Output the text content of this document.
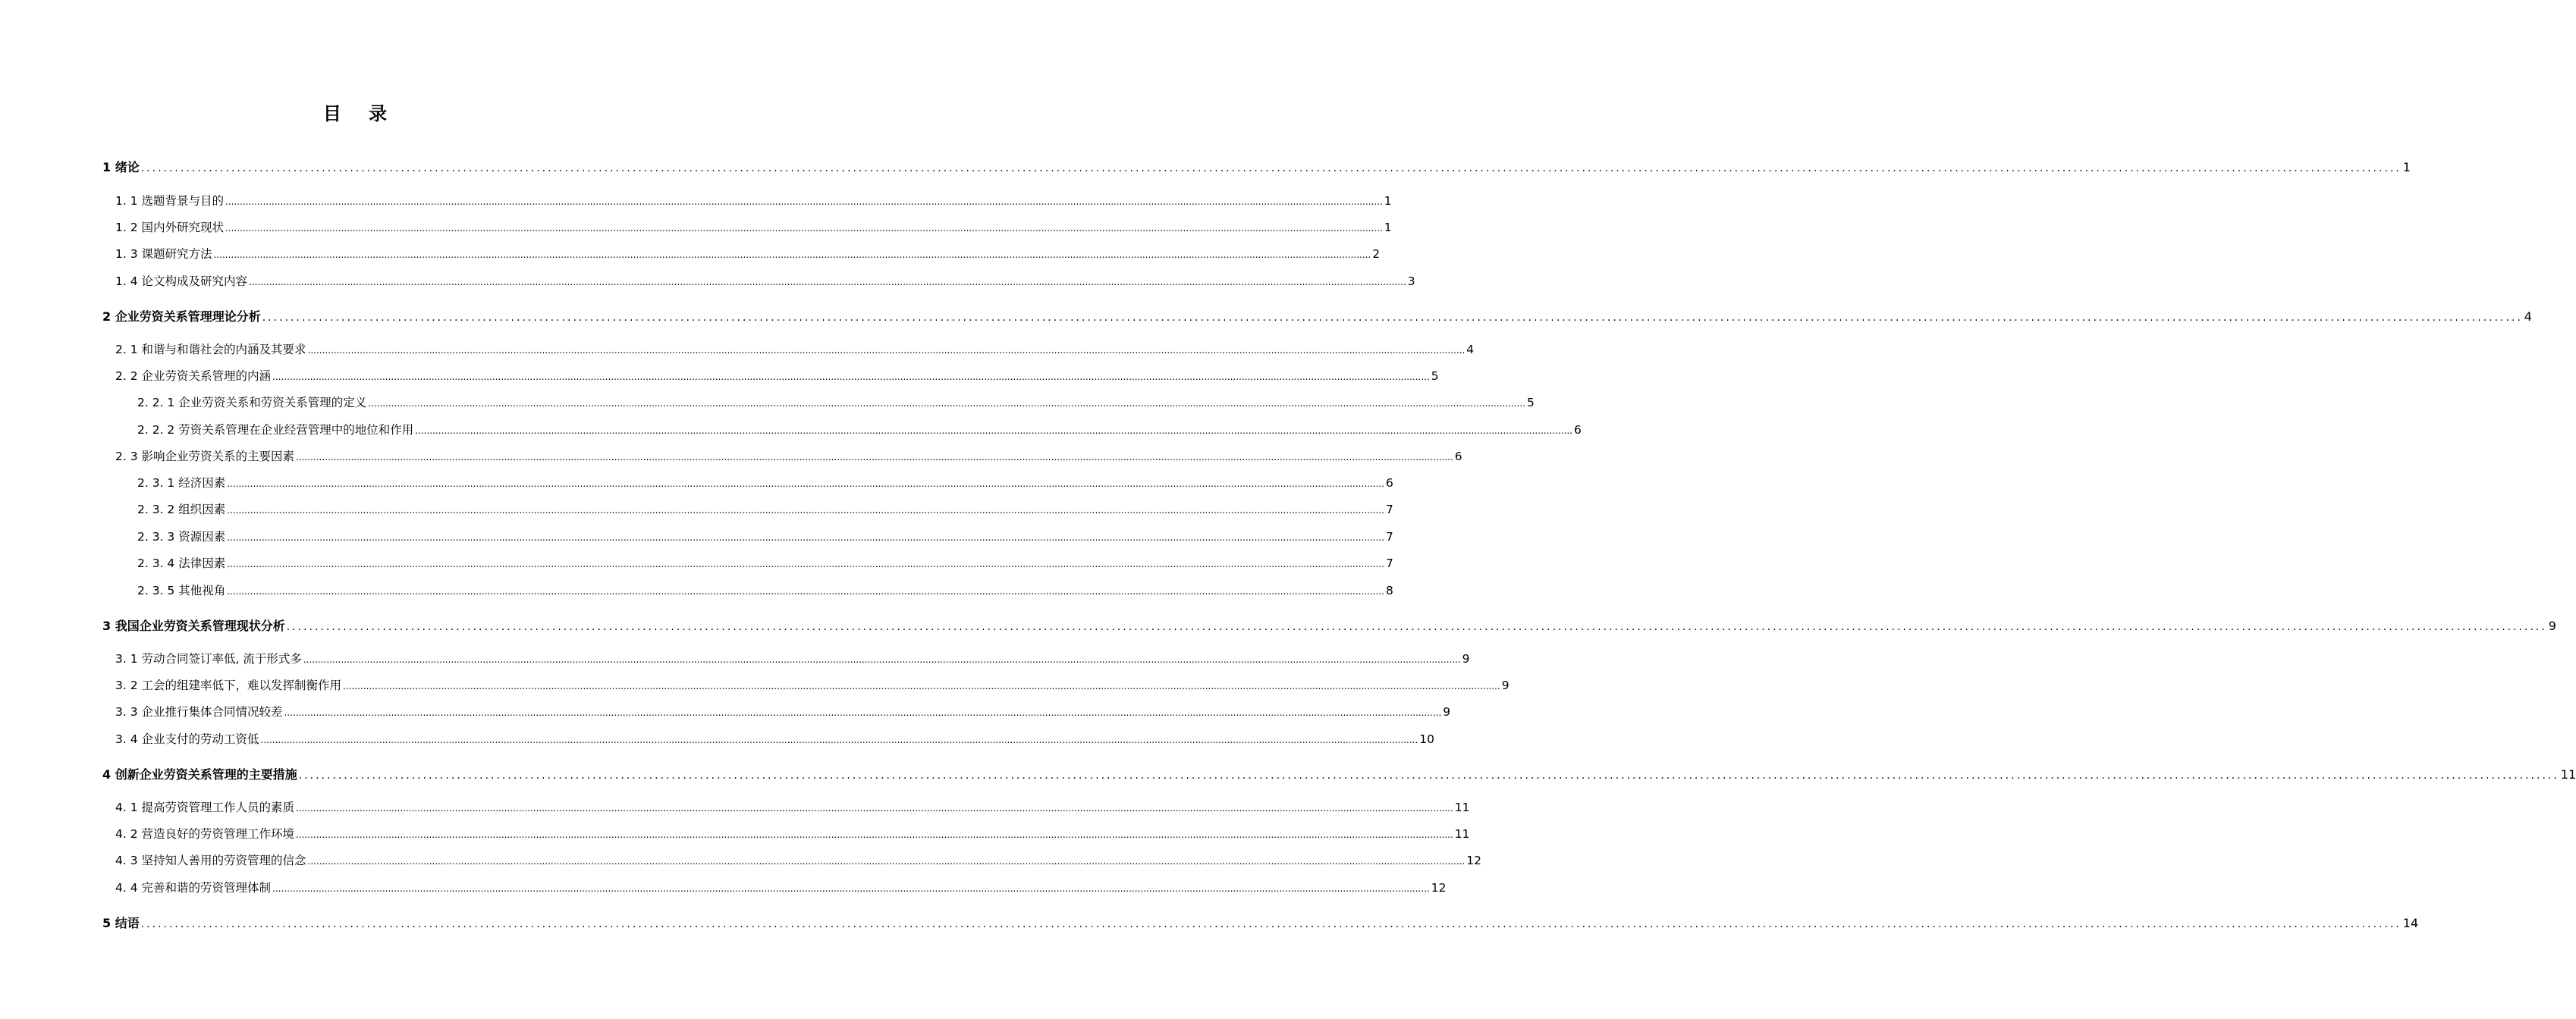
目 录
1 绪论 ................................................................................................................................................................................................................................................................................................................................................................................................................ 1
1. 1 选题背景与目的 ................................................................................................................................................................................................................................................................................................................................................................................................................ 1
1. 2 国内外研究现状 ................................................................................................................................................................................................................................................................................................................................................................................................................ 1
1. 3 课题研究方法 ................................................................................................................................................................................................................................................................................................................................................................................................................ 2
1. 4 论文构成及研究内容 ................................................................................................................................................................................................................................................................................................................................................................................................................ 3
2 企业劳资关系管理理论分析 ................................................................................................................................................................................................................................................................................................................................................................................................................ 4
2. 1 和谐与和谐社会的内涵及其要求 ................................................................................................................................................................................................................................................................................................................................................................................................................ 4
2. 2 企业劳资关系管理的内涵 ................................................................................................................................................................................................................................................................................................................................................................................................................ 5
2. 2. 1 企业劳资关系和劳资关系管理的定义 ................................................................................................................................................................................................................................................................................................................................................................................................................ 5
2. 2. 2 劳资关系管理在企业经营管理中的地位和作用 ................................................................................................................................................................................................................................................................................................................................................................................................................ 6
2. 3 影响企业劳资关系的主要因素 ................................................................................................................................................................................................................................................................................................................................................................................................................ 6
2. 3. 1 经济因素 ................................................................................................................................................................................................................................................................................................................................................................................................................ 6
2. 3. 2 组织因素 ................................................................................................................................................................................................................................................................................................................................................................................................................ 7
2. 3. 3 资源因素 ................................................................................................................................................................................................................................................................................................................................................................................................................ 7
2. 3. 4 法律因素 ................................................................................................................................................................................................................................................................................................................................................................................................................ 7
2. 3. 5 其他视角 ................................................................................................................................................................................................................................................................................................................................................................................................................ 8
3 我国企业劳资关系管理现状分析 ................................................................................................................................................................................................................................................................................................................................................................................................................ 9
3. 1 劳动合同签订率低, 流于形式多 ................................................................................................................................................................................................................................................................................................................................................................................................................ 9
3. 2 工会的组建率低下，难以发挥制衡作用 ................................................................................................................................................................................................................................................................................................................................................................................................................ 9
3. 3 企业推行集体合同情况较差 ................................................................................................................................................................................................................................................................................................................................................................................................................ 9
3. 4 企业支付的劳动工资低 ................................................................................................................................................................................................................................................................................................................................................................................................................ 10
4 创新企业劳资关系管理的主要措施 ................................................................................................................................................................................................................................................................................................................................................................................................................ 11
4. 1 提高劳资管理工作人员的素质 ................................................................................................................................................................................................................................................................................................................................................................................................................ 11
4. 2 营造良好的劳资管理工作环境 ................................................................................................................................................................................................................................................................................................................................................................................................................ 11
4. 3 坚持知人善用的劳资管理的信念 ................................................................................................................................................................................................................................................................................................................................................................................................................ 12
4. 4 完善和谐的劳资管理体制 ................................................................................................................................................................................................................................................................................................................................................................................................................ 12
5 结语 ................................................................................................................................................................................................................................................................................................................................................................................................................ 14
